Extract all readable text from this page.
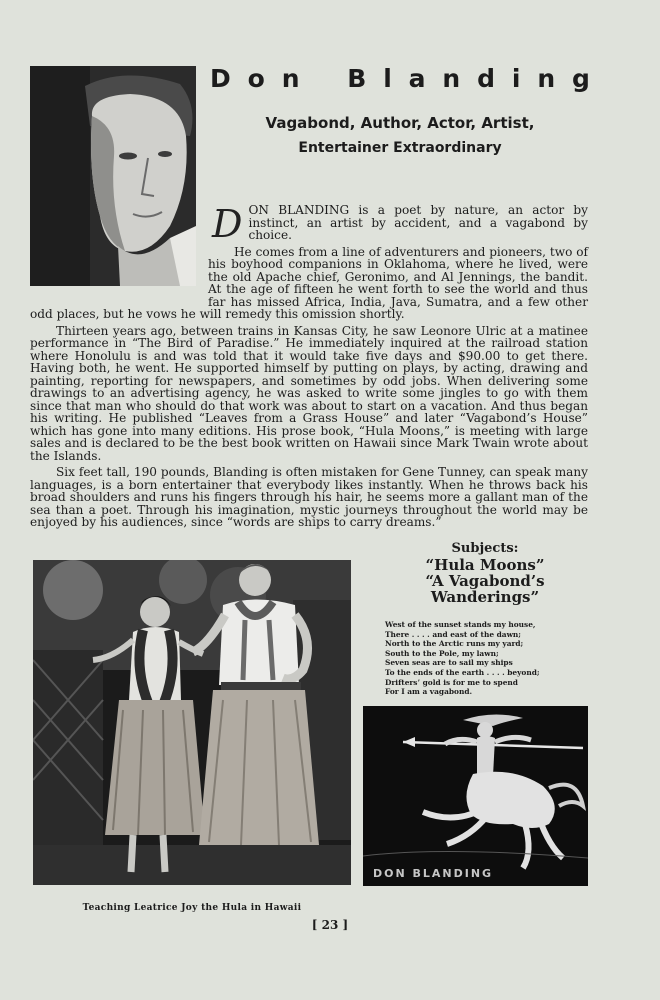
D o n B l a n d i n g
Vagabond, Author, Actor, Artist,
Entertainer Extraordinary

DON BLANDING is a poet by nature, an actor by instinct, an artist by accident, and a vagabond by choice.

He comes from a line of adventurers and pioneers, two of his boyhood companions in Oklahoma, where he lived, were the old Apache chief, Geronimo, and Al Jennings, the bandit. At the age of fifteen he went forth to see the world and thus far has missed Africa, India, Java, Sumatra, and a few other odd places, but he vows he will remedy this omission shortly.

Thirteen years ago, between trains in Kansas City, he saw Leonore Ulric at a matinee performance in “The Bird of Paradise.” He immediately inquired at the railroad station where Honolulu is and was told that it would take five days and $90.00 to get there. Having both, he went. He supported himself by putting on plays, by acting, drawing and painting, reporting for newspapers, and sometimes by odd jobs. When delivering some drawings to an advertising agency, he was asked to write some jingles to go with them since that man who should do that work was about to start on a vacation. And thus began his writing. He published “Leaves from a Grass House” and later “Vagabond’s House” which has gone into many editions. His prose book, “Hula Moons,” is meeting with large sales and is declared to be the best book written on Hawaii since Mark Twain wrote about the Islands.

Six feet tall, 190 pounds, Blanding is often mistaken for Gene Tunney, can speak many languages, is a born entertainer that everybody likes instantly. When he throws back his broad shoulders and runs his fingers through his hair, he seems more a gallant man of the sea than a poet. Through his imagination, mystic journeys throughout the world may be enjoyed by his audiences, since “words are ships to carry dreams.”

Teaching Leatrice Joy the Hula in Hawaii
Subjects:
“Hula Moons”
“A Vagabond’s
Wanderings”
West of the sunset stands my house,
There . . . . and east of the dawn;
North to the Arctic runs my yard;
South to the Pole, my lawn;
Seven seas are to sail my ships
To the ends of the earth . . . . beyond;
Drifters’ gold is for me to spend
For I am a vagabond.
DON BLANDING
[ 23 ]
